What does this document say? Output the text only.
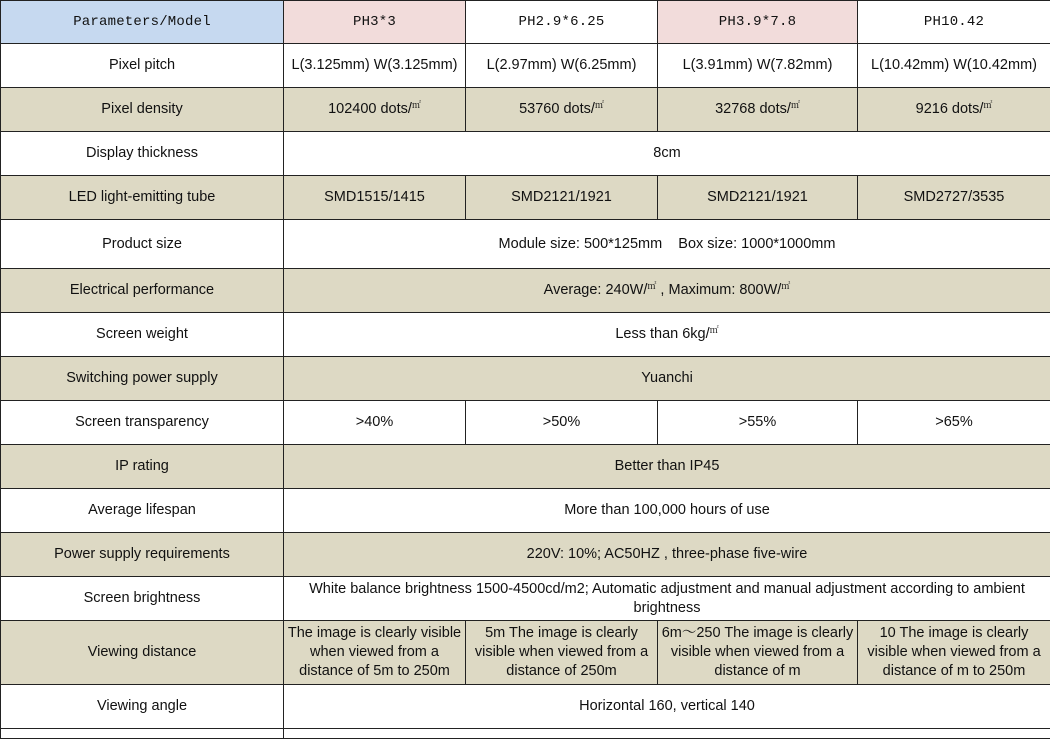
Parameters/Model	PH3*3	PH2.9*6.25	PH3.9*7.8	PH10.42
Pixel pitch	L(3.125mm) W(3.125mm)	L(2.97mm) W(6.25mm)	L(3.91mm) W(7.82mm)	L(10.42mm) W(10.42mm)
Pixel density	102400 dots/㎡	53760 dots/㎡	32768 dots/㎡	9216 dots/㎡
Display thickness	8cm			
LED light-emitting tube	SMD1515/1415	SMD2121/1921	SMD2121/1921	SMD2727/3535
Product size	Module size: 500*125mm    Box size: 1000*1000mm			
Electrical performance	Average: 240W/㎡ , Maximum: 800W/㎡
Screen weight	Less than 6kg/㎡
Switching power supply	Yuanchi			
Screen transparency	>40%	>50%	>55%	>65%
IP rating	Better than IP45			
Average lifespan	More than 100,000 hours of use			
Power supply requirements	220V: 10%; AC50HZ , three-phase five-wire			
Screen brightness	White balance brightness 1500-4500cd/m2; Automatic adjustment and manual adjustment according to ambient brightness			
Viewing distance	The image is clearly visible when viewed from a distance of 5m to 250m	5m The image is clearly visible when viewed from a distance of 250m	6m～250 The image is clearly visible when viewed from a distance of m	10 The image is clearly visible when viewed from a distance of m to 250m
Viewing angle	Horizontal 160, vertical 140			
